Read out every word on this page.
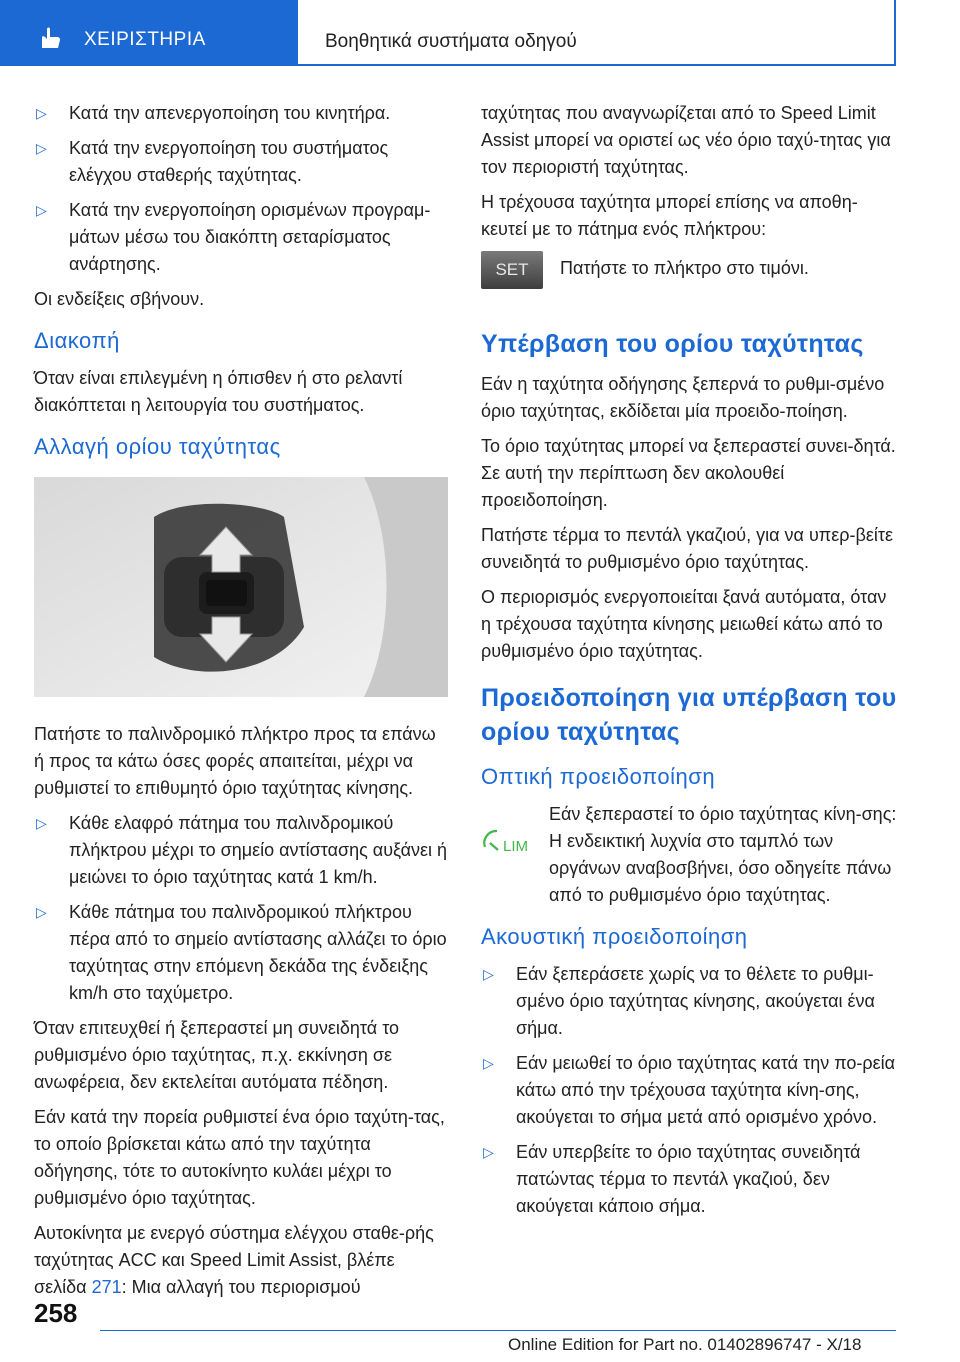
ΧΕΙΡΙΣΤΗΡΙΑ	Βοηθητικά συστήματα οδηγού
▷ Κατά την απενεργοποίηση του κινητήρα.
▷ Κατά την ενεργοποίηση του συστήματος ελέγχου σταθερής ταχύτητας.
▷ Κατά την ενεργοποίηση ορισμένων προγραμ‐μάτων μέσω του διακόπτη σεταρίσματος ανάρτησης.

Οι ενδείξεις σβήνουν.

Διακοπή

Όταν είναι επιλεγμένη η όπισθεν ή στο ρελαντί διακόπτεται η λειτουργία του συστήματος.

Αλλαγή ορίου ταχύτητας

Πατήστε το παλινδρομικό πλήκτρο προς τα επάνω ή προς τα κάτω όσες φορές απαιτείται, μέχρι να ρυθμιστεί το επιθυμητό όριο ταχύτητας κίνησης.

▷ Κάθε ελαφρό πάτημα του παλινδρομικού πλήκτρου μέχρι το σημείο αντίστασης αυξάνει ή μειώνει το όριο ταχύτητας κατά 1 km/h.
▷ Κάθε πάτημα του παλινδρομικού πλήκτρου πέρα από το σημείο αντίστασης αλλάζει το όριο ταχύτητας στην επόμενη δεκάδα της ένδειξης km/h στο ταχύμετρο.

Όταν επιτευχθεί ή ξεπεραστεί μη συνειδητά το ρυθμισμένο όριο ταχύτητας, π.χ. εκκίνηση σε ανωφέρεια, δεν εκτελείται αυτόματα πέδηση.

Εάν κατά την πορεία ρυθμιστεί ένα όριο ταχύτη‐τας, το οποίο βρίσκεται κάτω από την ταχύτητα οδήγησης, τότε το αυτοκίνητο κυλάει μέχρι το ρυθμισμένο όριο ταχύτητας.

Αυτοκίνητα με ενεργό σύστημα ελέγχου σταθε‐ρής ταχύτητας ACC και Speed Limit Assist, βλέπε σελίδα 271: Μια αλλαγή του περιορισμού

ταχύτητας που αναγνωρίζεται από το Speed Limit Assist μπορεί να οριστεί ως νέο όριο ταχύ‐τητας για τον περιοριστή ταχύτητας.

Η τρέχουσα ταχύτητα μπορεί επίσης να αποθη‐κευτεί με το πάτημα ενός πλήκτρου:

SET	Πατήστε το πλήκτρο στο τιμόνι.
Υπέρβαση του ορίου ταχύτητας

Εάν η ταχύτητα οδήγησης ξεπερνά το ρυθμι‐σμένο όριο ταχύτητας, εκδίδεται μία προειδο‐ποίηση.

Το όριο ταχύτητας μπορεί να ξεπεραστεί συνει‐δητά. Σε αυτή την περίπτωση δεν ακολουθεί προειδοποίηση.

Πατήστε τέρμα το πεντάλ γκαζιού, για να υπερ‐βείτε συνειδητά το ρυθμισμένο όριο ταχύτητας.

Ο περιορισμός ενεργοποιείται ξανά αυτόματα, όταν η τρέχουσα ταχύτητα κίνησης μειωθεί κάτω από το ρυθμισμένο όριο ταχύτητας.

Προειδοποίηση για υπέρβαση του ορίου ταχύτητας
Οπτική προειδοποίηση
LIM

Εάν ξεπεραστεί το όριο ταχύτητας κίνη‐σης: Η ενδεικτική λυχνία στο ταμπλό των οργάνων αναβοσβήνει, όσο οδηγείτε πάνω από το ρυθμισμένο όριο ταχύτητας.

Ακουστική προειδοποίηση
▷ Εάν ξεπεράσετε χωρίς να το θέλετε το ρυθμι‐σμένο όριο ταχύτητας κίνησης, ακούγεται ένα σήμα.
▷ Εάν μειωθεί το όριο ταχύτητας κατά την πο‐ρεία κάτω από την τρέχουσα ταχύτητα κίνη‐σης, ακούγεται το σήμα μετά από ορισμένο χρόνο.
▷ Εάν υπερβείτε το όριο ταχύτητας συνειδητά πατώντας τέρμα το πεντάλ γκαζιού, δεν ακούγεται κάποιο σήμα.
258
Online Edition for Part no. 01402896747 - X/18
